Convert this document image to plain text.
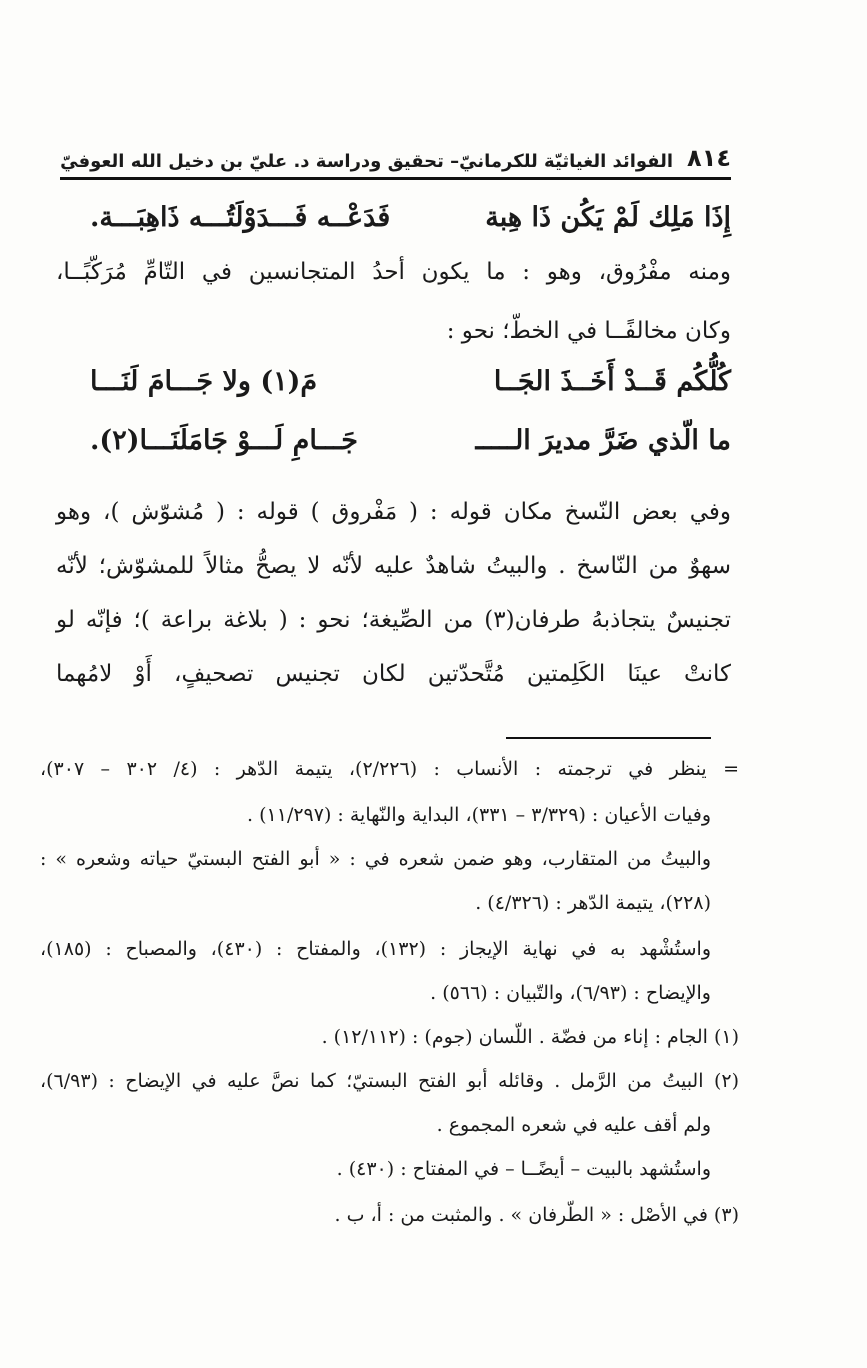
٨١٤
الفوائد الغياثيّة للكرمانيّ– تحقيق ودراسة د. عليّ بن دخيل الله العوفيّ
إِذَا مَلِك لَمْ يَكُن ذَا هِبة
فَدَعْــه فَـــدَوْلَتُـــه ذَاهِبَـــة.
ومنه مفْرُوق، وهو : ما يكون أحدُ المتجانسين في التّامِّ مُرَكّبًــا،
وكان مخالفًــا في الخطّ؛ نحو :
كُلُّكُم قَــدْ أَخَــذَ الجَــا
مَ(١) ولا جَـــامَ لَنَـــا
ما الّذي ضَرَّ مديرَ الـــــ
جَـــامِ لَـــوْ جَامَلَنَـــا(٢).
وفي بعض النّسخ مكان قوله : ( مَفْروق ) قوله : ( مُشوّش )، وهو
سهوٌ من النّاسخ . والبيتُ شاهدٌ عليه لأنّه لا يصحُّ مثالاً للمشوّش؛ لأنّه
تجنيسٌ يتجاذبهُ طرفان(٣) من الصِّيغة؛ نحو : ( بلاغة براعة )؛ فإنّه لو
كانتْ عينَا الكَلِمتين مُتَّحدّتين لكان تجنيس تصحيفٍ، أَوْ لامُهما
= ينظر في ترجمته : الأنساب : (٢/٢٢٦)، يتيمة الدّهر : (٤/ ٣٠٢ – ٣٠٧)،
وفيات الأعيان : (٣/٣٢٩ – ٣٣١)، البداية والنّهاية : (١١/٢٩٧) .
والبيتُ من المتقارب، وهو ضمن شعره في : « أبو الفتح البستيّ حياته وشعره » :
(٢٢٨)، يتيمة الدّهر : (٤/٣٢٦) .
واستُشْهد به في نهاية الإيجاز : (١٣٢)، والمفتاح : (٤٣٠)، والمصباح : (١٨٥)،
والإيضاح : (٦/٩٣)، والتّبيان : (٥٦٦) .
(١) الجام : إناء من فضّة . اللّسان (جوم) : (١٢/١١٢) .
(٢) البيتُ من الرَّمل . وقائله أبو الفتح البستيّ؛ كما نصَّ عليه في الإيضاح : (٦/٩٣)،
ولم أقف عليه في شعره المجموع .
واستُشهد بالبيت – أيضًــا – في المفتاح : (٤٣٠) .
(٣) في الأصْل : « الطّرفان » . والمثبت من : أ، ب .
